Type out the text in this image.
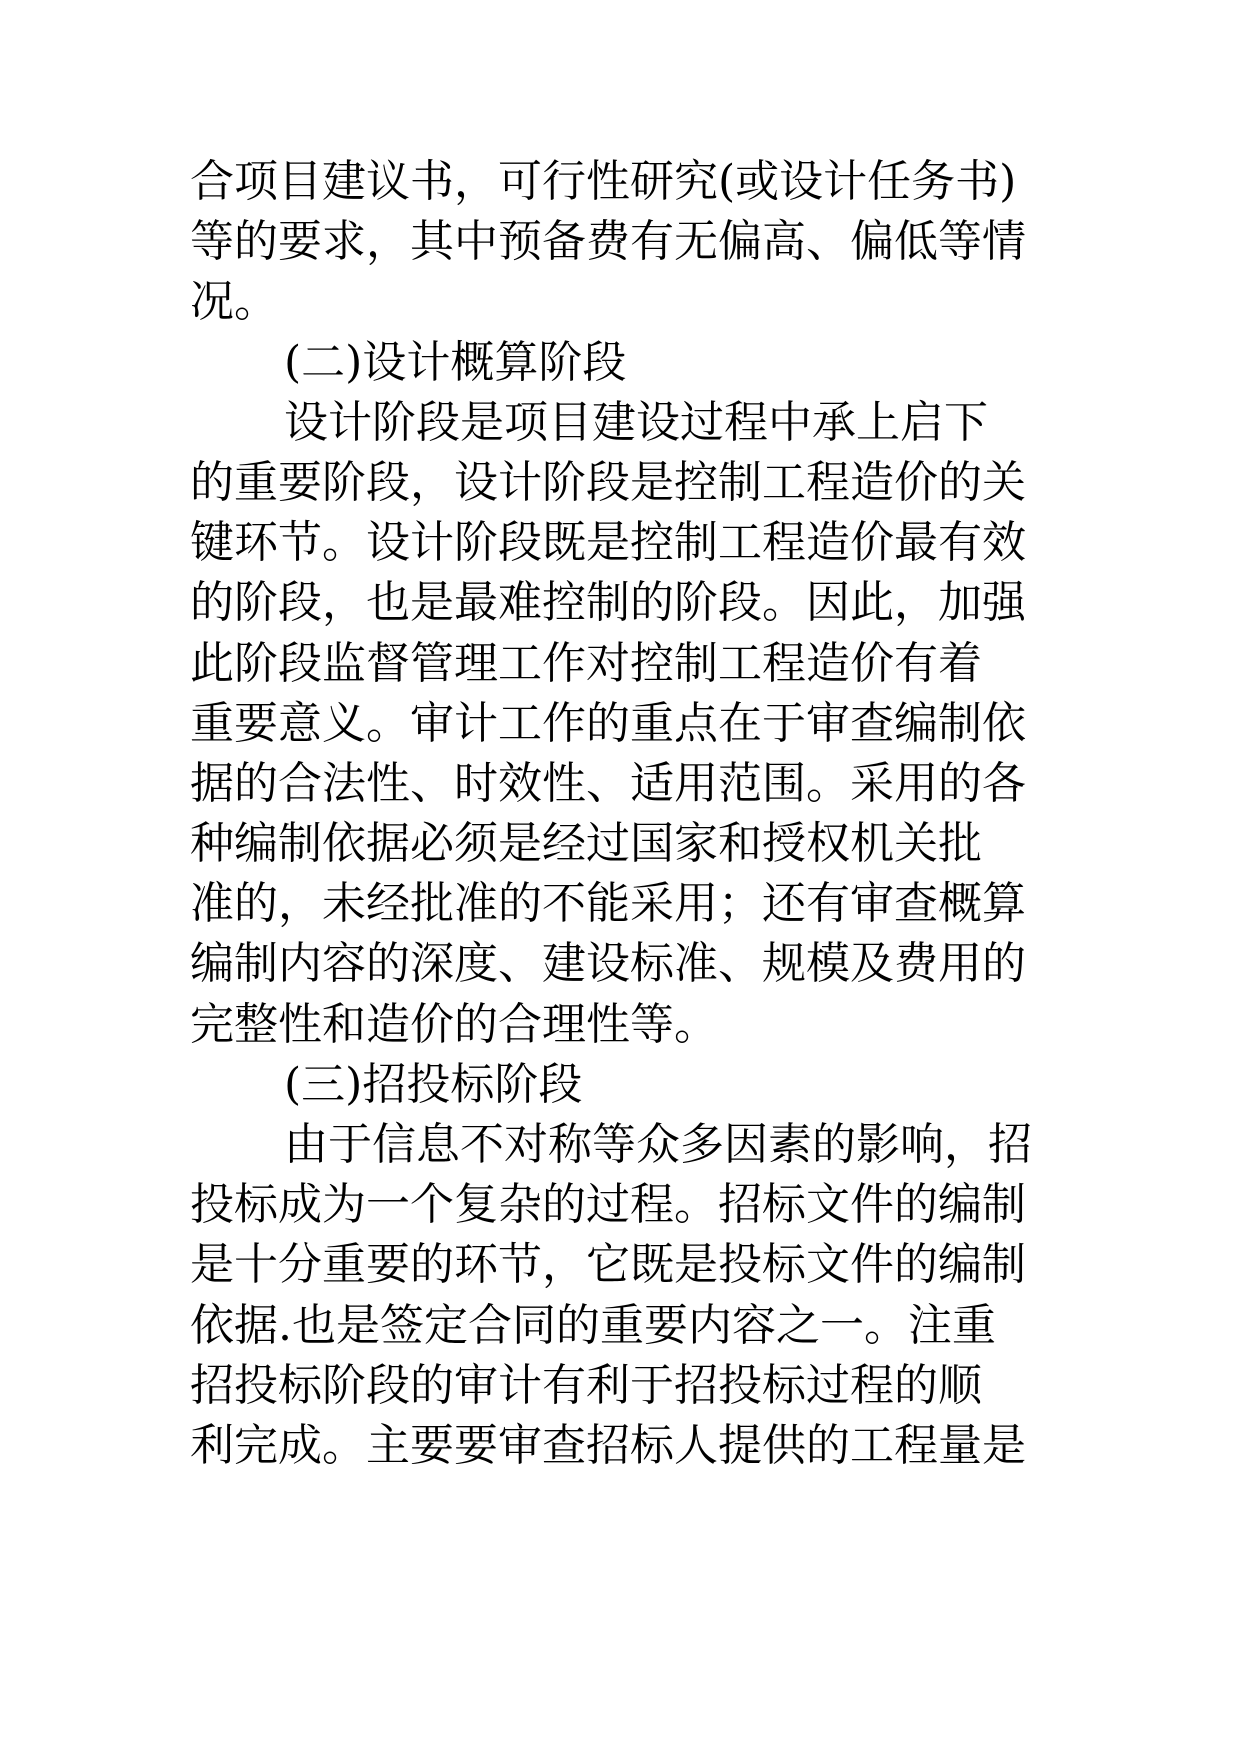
合项目建议书，可行性研究(或设计任务书)
等的要求，其中预备费有无偏高、偏低等情
况。
(二)设计概算阶段
设计阶段是项目建设过程中承上启下
的重要阶段，设计阶段是控制工程造价的关
键环节。设计阶段既是控制工程造价最有效
的阶段，也是最难控制的阶段。因此，加强
此阶段监督管理工作对控制工程造价有着
重要意义。审计工作的重点在于审查编制依
据的合法性、时效性、适用范围。采用的各
种编制依据必须是经过国家和授权机关批
准的，未经批准的不能采用；还有审查概算
编制内容的深度、建设标准、规模及费用的
完整性和造价的合理性等。
(三)招投标阶段
由于信息不对称等众多因素的影响，招
投标成为一个复杂的过程。招标文件的编制
是十分重要的环节，它既是投标文件的编制
依据.也是签定合同的重要内容之一。注重
招投标阶段的审计有利于招投标过程的顺
利完成。主要要审查招标人提供的工程量是
